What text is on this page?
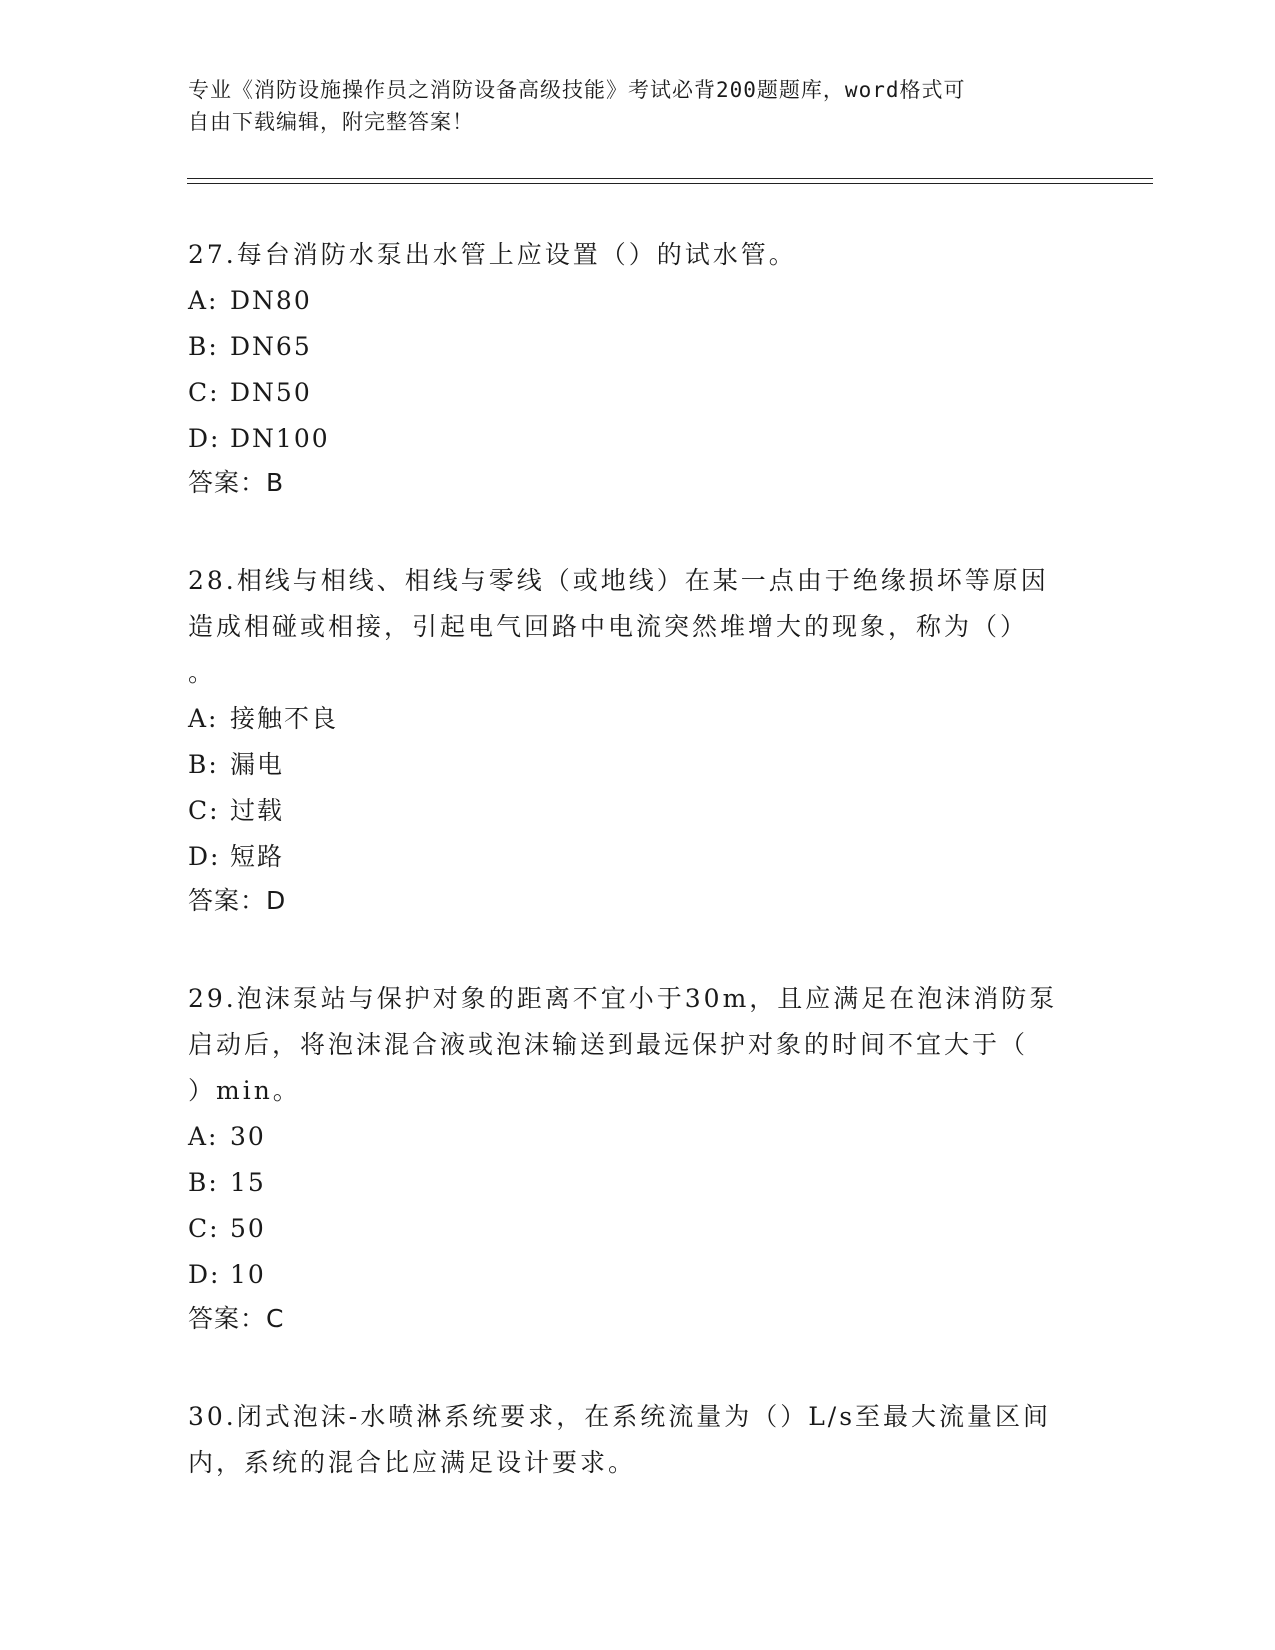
专业《消防设施操作员之消防设备高级技能》考试必背200题题库，word格式可
自由下载编辑，附完整答案！
27.每台消防水泵出水管上应设置（）的试水管。
A: DN80
B: DN65
C: DN50
D: DN100
答案：B
28.相线与相线、相线与零线（或地线）在某一点由于绝缘损坏等原因
造成相碰或相接，引起电气回路中电流突然堆增大的现象，称为（）
。
A: 接触不良
B: 漏电
C: 过载
D: 短路
答案：D
29.泡沫泵站与保护对象的距离不宜小于30m，且应满足在泡沫消防泵
启动后，将泡沫混合液或泡沫输送到最远保护对象的时间不宜大于（
）min。
A: 30
B: 15
C: 50
D: 10
答案：C
30.闭式泡沫-水喷淋系统要求，在系统流量为（）L/s至最大流量区间
内，系统的混合比应满足设计要求。
